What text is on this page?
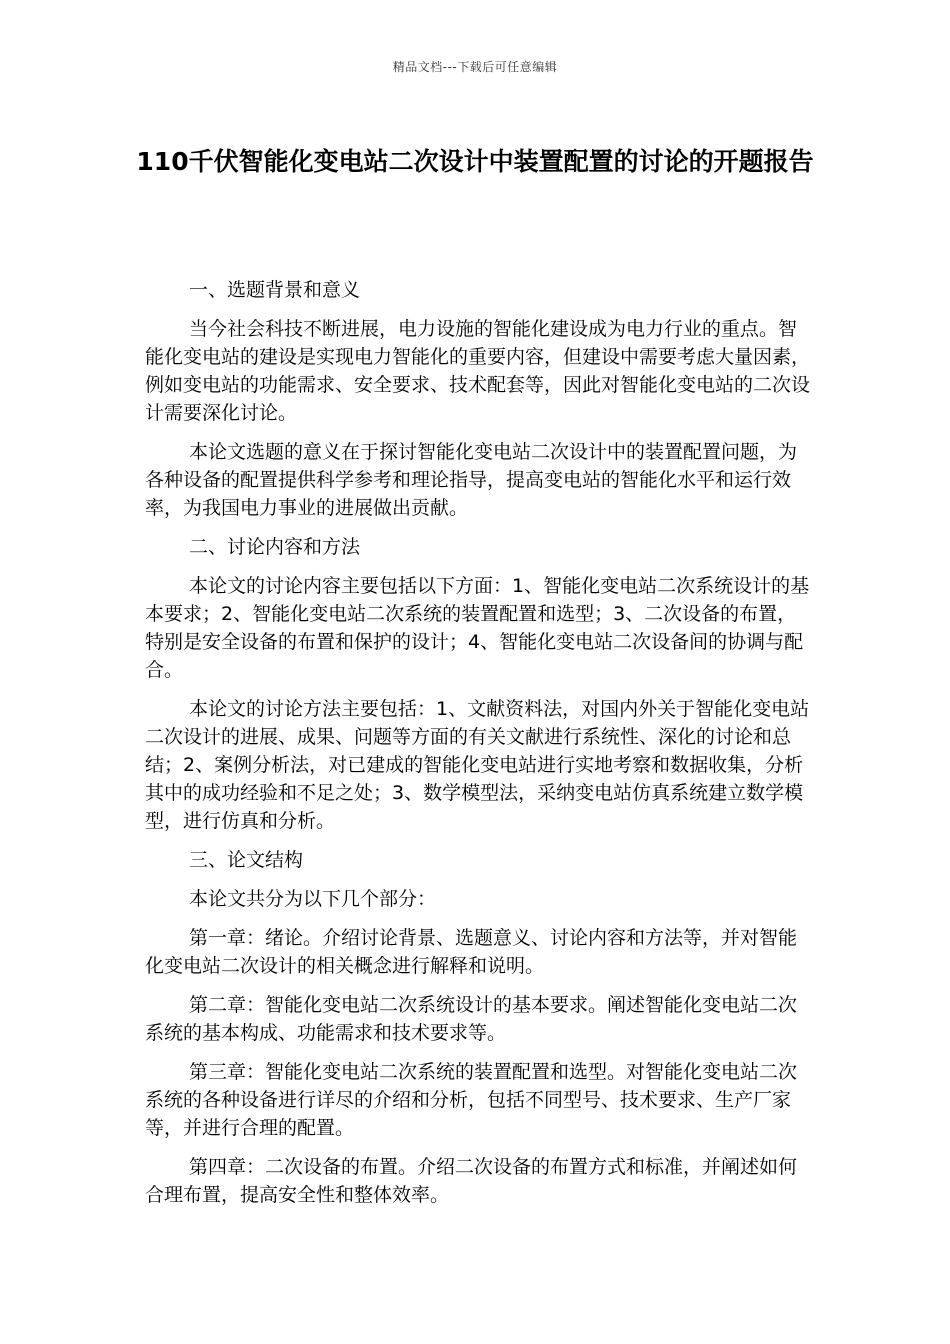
精品文档---下载后可任意编辑
110千伏智能化变电站二次设计中装置配置的讨论的开题报告

一、选题背景和意义

当今社会科技不断进展，电力设施的智能化建设成为电力行业的重点。智能化变电站的建设是实现电力智能化的重要内容，但建设中需要考虑大量因素，例如变电站的功能需求、安全要求、技术配套等，因此对智能化变电站的二次设计需要深化讨论。

本论文选题的意义在于探讨智能化变电站二次设计中的装置配置问题，为各种设备的配置提供科学参考和理论指导，提高变电站的智能化水平和运行效率，为我国电力事业的进展做出贡献。

二、讨论内容和方法

本论文的讨论内容主要包括以下方面：1、智能化变电站二次系统设计的基本要求；2、智能化变电站二次系统的装置配置和选型；3、二次设备的布置，特别是安全设备的布置和保护的设计；4、智能化变电站二次设备间的协调与配合。

本论文的讨论方法主要包括：1、文献资料法，对国内外关于智能化变电站二次设计的进展、成果、问题等方面的有关文献进行系统性、深化的讨论和总结；2、案例分析法，对已建成的智能化变电站进行实地考察和数据收集，分析其中的成功经验和不足之处；3、数学模型法，采纳变电站仿真系统建立数学模型，进行仿真和分析。

三、论文结构

本论文共分为以下几个部分：

第一章：绪论。介绍讨论背景、选题意义、讨论内容和方法等，并对智能化变电站二次设计的相关概念进行解释和说明。

第二章：智能化变电站二次系统设计的基本要求。阐述智能化变电站二次系统的基本构成、功能需求和技术要求等。

第三章：智能化变电站二次系统的装置配置和选型。对智能化变电站二次系统的各种设备进行详尽的介绍和分析，包括不同型号、技术要求、生产厂家等，并进行合理的配置。

第四章：二次设备的布置。介绍二次设备的布置方式和标准，并阐述如何合理布置，提高安全性和整体效率。
